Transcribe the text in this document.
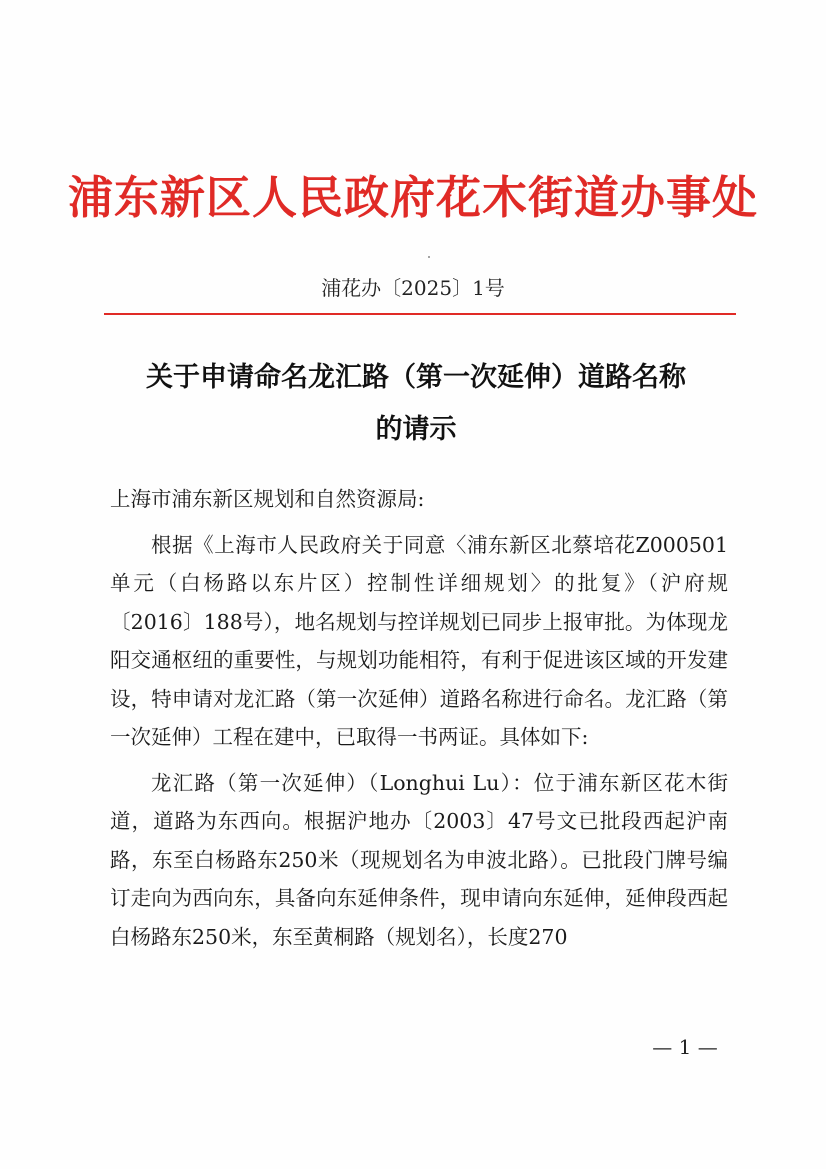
浦东新区人民政府花木街道办事处
浦花办〔2025〕1号
关于申请命名龙汇路（第一次延伸）道路名称
的请示

上海市浦东新区规划和自然资源局:

根据《上海市人民政府关于同意〈浦东新区北蔡培花Z000501单元（白杨路以东片区）控制性详细规划〉的批复》（沪府规〔2016〕188号），地名规划与控详规划已同步上报审批。为体现龙阳交通枢纽的重要性，与规划功能相符，有利于促进该区域的开发建设，特申请对龙汇路（第一次延伸）道路名称进行命名。龙汇路（第一次延伸）工程在建中，已取得一书两证。具体如下:

龙汇路（第一次延伸）（Longhui Lu）：位于浦东新区花木街道，道路为东西向。根据沪地办〔2003〕47号文已批段西起沪南路，东至白杨路东250米（现规划名为申波北路）。已批段门牌号编订走向为西向东，具备向东延伸条件，现申请向东延伸，延伸段西起白杨路东250米，东至黄桐路（规划名），长度270

— 1 —
